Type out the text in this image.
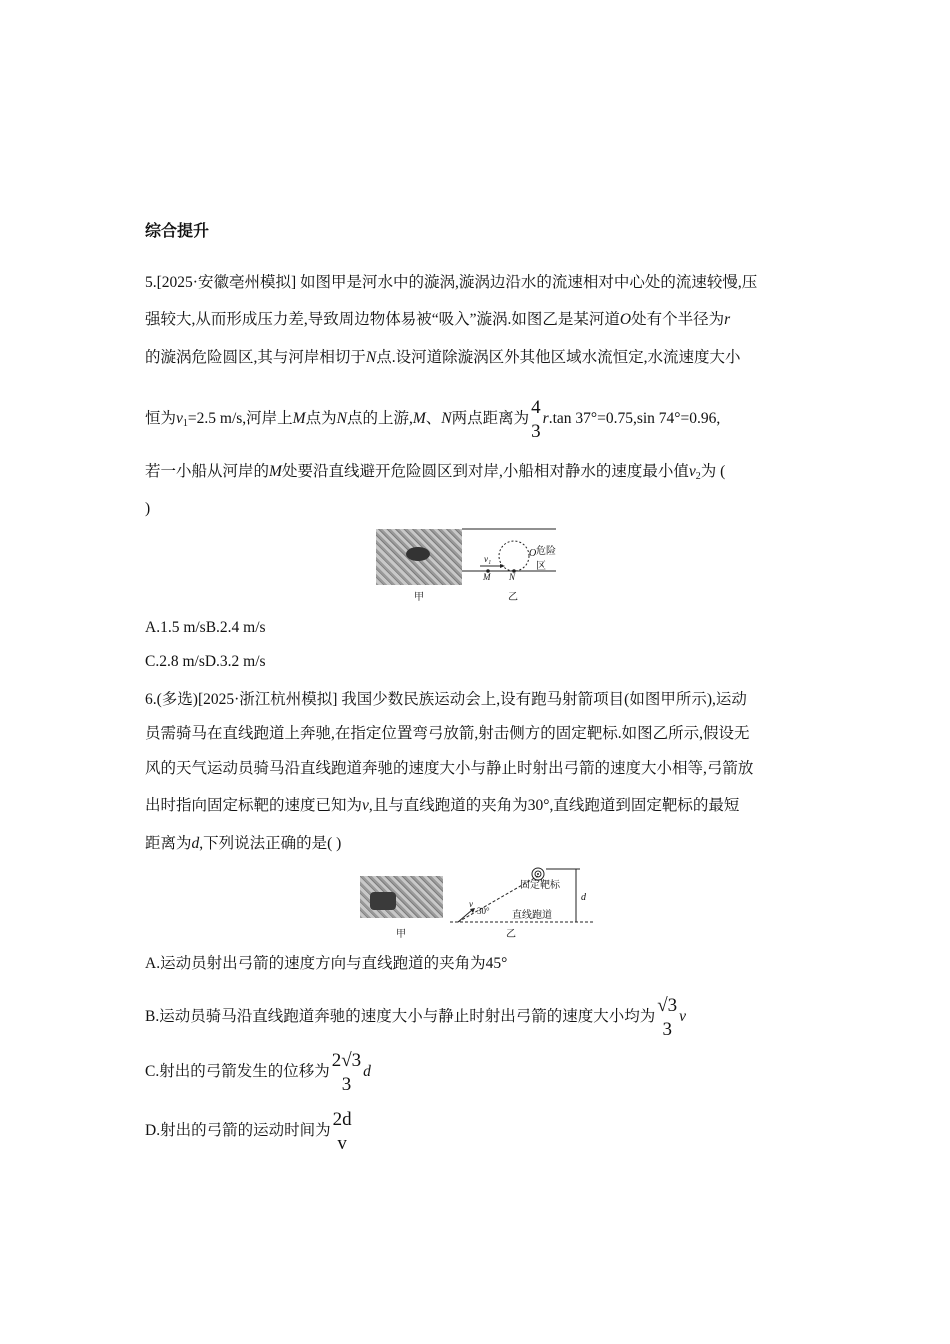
综合提升
5.[2025·安徽亳州模拟] 如图甲是河水中的漩涡,漩涡边沿水的流速相对中心处的流速较慢,压
强较大,从而形成压力差,导致周边物体易被“吸入”漩涡.如图乙是某河道O处有个半径为r
的漩涡危险圆区,其与河岸相切于N点.设河道除漩涡区外其他区域水流恒定,水流速度大小
恒为$v_1=2.5$ m/s,河岸上M点为N点的上游,M、N两点距离为
4
3
r.tan 37°=0.75,sin 74°=0.96,
若一小船从河岸的M处要沿直线避开危险圆区到对岸,小船相对静水的速度最小值$v_2$为 (
)
危险区
O
v₁
M N
甲	乙
A.1.5 m/sB.2.4 m/s
C.2.8 m/sD.3.2 m/s
6.(多选)[2025·浙江杭州模拟] 我国少数民族运动会上,设有跑马射箭项目(如图甲所示),运动
员需骑马在直线跑道上奔驰,在指定位置弯弓放箭,射击侧方的固定靶标.如图乙所示,假设无
风的天气运动员骑马沿直线跑道奔驰的速度大小与静止时射出弓箭的速度大小相等,弓箭放
出时指向固定标靶的速度已知为v,且与直线跑道的夹角为30°,直线跑道到固定靶标的最短
距离为d,下列说法正确的是( )
固定靶标
直线跑道
30°
v
d
甲	乙
A.运动员射出弓箭的速度方向与直线跑道的夹角为45°
B.运动员骑马沿直线跑道奔驰的速度大小与静止时射出弓箭的速度大小均为
√3
3
v
C.射出的弓箭发生的位移为
2√3
3
d
D.射出的弓箭的运动时间为
2d
v
